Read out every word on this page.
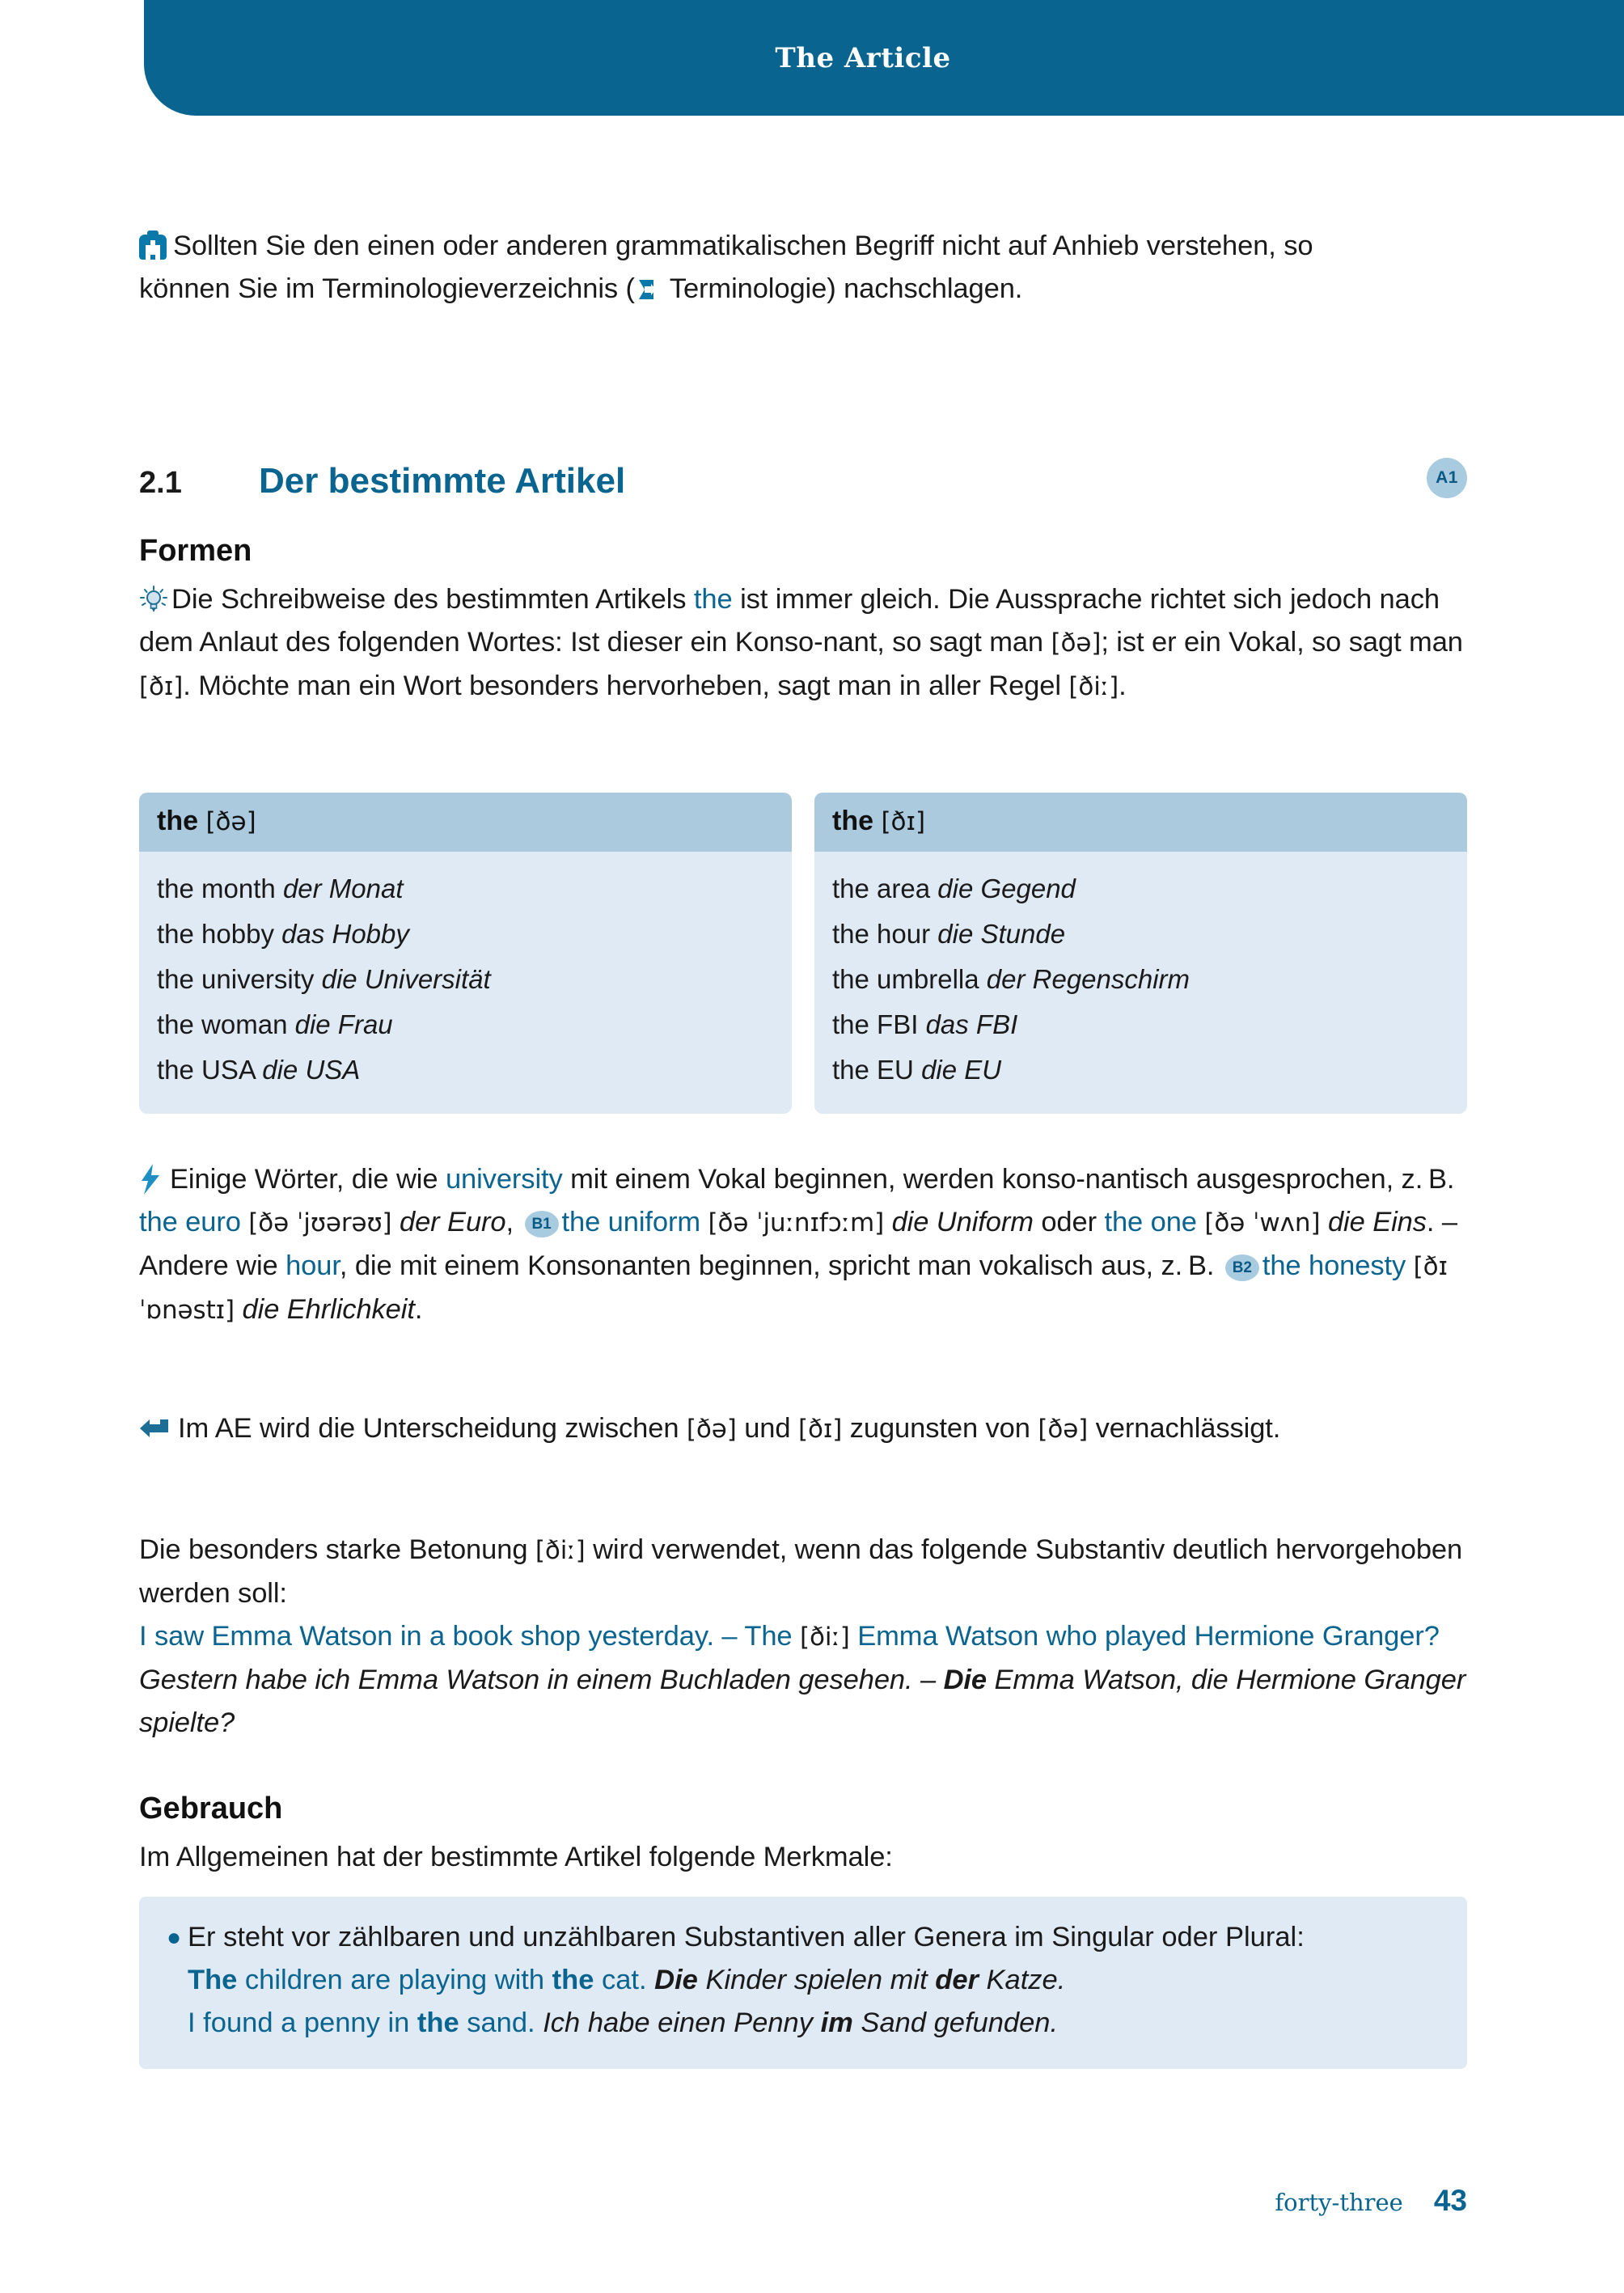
The Article
Sollten Sie den einen oder anderen grammatikalischen Begriff nicht auf Anhieb verstehen, so können Sie im Terminologieverzeichnis ( Terminologie) nachschlagen.
2.1	Der bestimmte Artikel	A1
Formen
Die Schreibweise des bestimmten Artikels the ist immer gleich. Die Aussprache richtet sich jedoch nach dem Anlaut des folgenden Wortes: Ist dieser ein Konso-nant, so sagt man [ðə]; ist er ein Vokal, so sagt man [ðɪ]. Möchte man ein Wort besonders hervorheben, sagt man in aller Regel [ðiː].
the [ðə]
the month der Monat
the hobby das Hobby
the university die Universität
the woman die Frau
the USA die USA
the [ðɪ]
the area die Gegend
the hour die Stunde
the umbrella der Regenschirm
the FBI das FBI
the EU die EU
Einige Wörter, die wie university mit einem Vokal beginnen, werden konso-nantisch ausgesprochen, z. B. the euro [ðə ˈjʊərəʊ] der Euro, B1 the uniform [ðə ˈjuːnɪfɔːm] die Uniform oder the one [ðə ˈwʌn] die Eins. – Andere wie hour, die mit einem Konsonanten beginnen, spricht man vokalisch aus, z. B. B2 the honesty [ðɪ ˈɒnəstɪ] die Ehrlichkeit.
Im AE wird die Unterscheidung zwischen [ðə] und [ðɪ] zugunsten von [ðə] vernachlässigt.
Die besonders starke Betonung [ðiː] wird verwendet, wenn das folgende Substantiv deutlich hervorgehoben werden soll:
I saw Emma Watson in a book shop yesterday. – The [ðiː] Emma Watson who played Hermione Granger? Gestern habe ich Emma Watson in einem Buchladen gesehen. – Die Emma Watson, die Hermione Granger spielte?
Gebrauch
Im Allgemeinen hat der bestimmte Artikel folgende Merkmale:
● Er steht vor zählbaren und unzählbaren Substantiven aller Genera im Singular oder Plural:
The children are playing with the cat. Die Kinder spielen mit der Katze.
I found a penny in the sand. Ich habe einen Penny im Sand gefunden.
forty-three 43
